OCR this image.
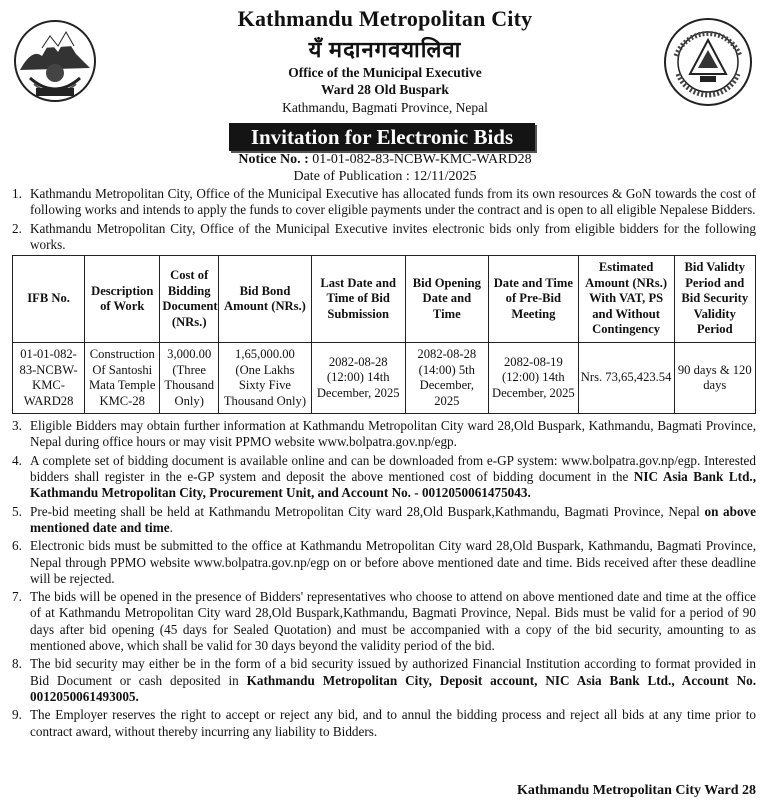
Kathmandu Metropolitan City
यँ मदानगवयालिवा
Office of the Municipal Executive
Ward 28 Old Buspark
Kathmandu, Bagmati Province, Nepal
Invitation for Electronic Bids
Notice No. : 01-01-082-83-NCBW-KMC-WARD28
Date of Publication : 12/11/2025
1. Kathmandu Metropolitan City, Office of the Municipal Executive has allocated funds from its own resources & GoN towards the cost of following works and intends to apply the funds to cover eligible payments under the contract and is open to all eligible Nepalese Bidders.
2. Kathmandu Metropolitan City, Office of the Municipal Executive invites electronic bids only from eligible bidders for the following works.
IFB No.	Description of Work	Cost of Bidding Document (NRs.)	Bid Bond Amount (NRs.)	Last Date and Time of Bid Submission	Bid Opening Date and Time	Date and Time of Pre-Bid Meeting	Estimated Amount (NRs.) With VAT, PS and Without Contingency	Bid Validty Period and Bid Security Validity Period
01-01-082-83-NCBW-KMC-WARD28	Construction Of Santoshi Mata Temple KMC-28	3,000.00 (Three Thousand Only)	1,65,000.00 (One Lakhs Sixty Five Thousand Only)	2082-08-28 (12:00) 14th December, 2025	2082-08-28 (14:00) 5th December, 2025	2082-08-19 (12:00) 14th December, 2025	Nrs. 73,65,423.54	90 days & 120 days
3. Eligible Bidders may obtain further information at Kathmandu Metropolitan City ward 28,Old Buspark, Kathmandu, Bagmati Province, Nepal during office hours or may visit PPMO website www.bolpatra.gov.np/egp.
4. A complete set of bidding document is available online and can be downloaded from e-GP system: www.bolpatra.gov.np/egp. Interested bidders shall register in the e-GP system and deposit the above mentioned cost of bidding document in the NIC Asia Bank Ltd., Kathmandu Metropolitan City, Procurement Unit, and Account No. - 0012050061475043.
5. Pre-bid meeting shall be held at Kathmandu Metropolitan City ward 28,Old Buspark,Kathmandu, Bagmati Province, Nepal on above mentioned date and time.
6. Electronic bids must be submitted to the office at Kathmandu Metropolitan City ward 28,Old Buspark, Kathmandu, Bagmati Province, Nepal through PPMO website www.bolpatra.gov.np/egp on or before above mentioned date and time. Bids received after these deadline will be rejected.
7. The bids will be opened in the presence of Bidders' representatives who choose to attend on above mentioned date and time at the office of at Kathmandu Metropolitan City ward 28,Old Buspark,Kathmandu, Bagmati Province, Nepal. Bids must be valid for a period of 90 days after bid opening (45 days for Sealed Quotation) and must be accompanied with a copy of the bid security, amounting to as mentioned above, which shall be valid for 30 days beyond the validity period of the bid.
8. The bid security may either be in the form of a bid security issued by authorized Financial Institution according to format provided in Bid Document or cash deposited in Kathmandu Metropolitan City, Deposit account, NIC Asia Bank Ltd., Account No. 0012050061493005.
9. The Employer reserves the right to accept or reject any bid, and to annul the bidding process and reject all bids at any time prior to contract award, without thereby incurring any liability to Bidders.
Kathmandu Metropolitan City Ward 28
